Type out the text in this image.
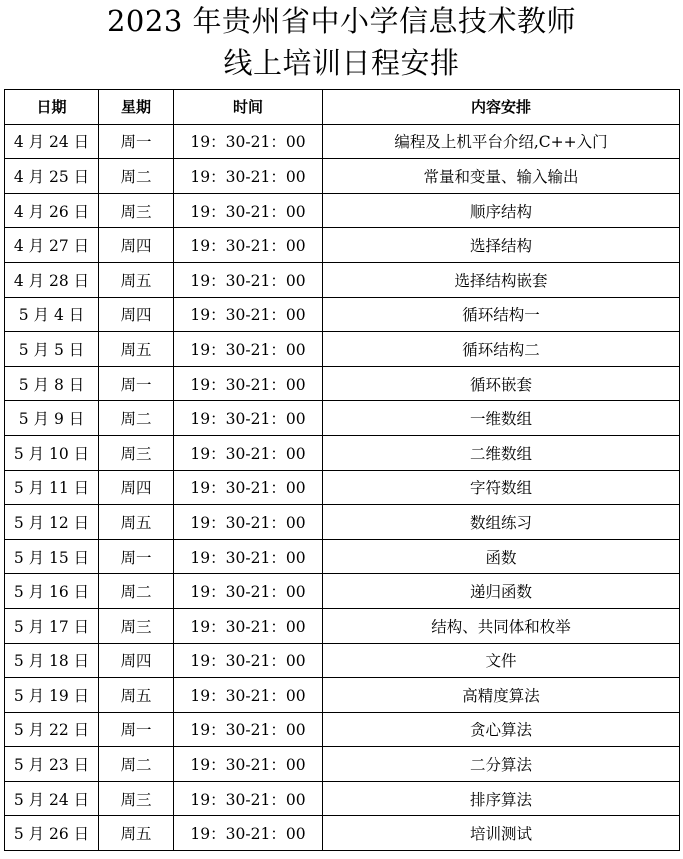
2023 年贵州省中小学信息技术教师
线上培训日程安排
日期	星期	时间	内容安排
4 月 24 日	周一	19：30-21：00	编程及上机平台介绍,C++入门
4 月 25 日	周二	19：30-21：00	常量和变量、输入输出
4 月 26 日	周三	19：30-21：00	顺序结构
4 月 27 日	周四	19：30-21：00	选择结构
4 月 28 日	周五	19：30-21：00	选择结构嵌套
5 月 4 日	周四	19：30-21：00	循环结构一
5 月 5 日	周五	19：30-21：00	循环结构二
5 月 8 日	周一	19：30-21：00	循环嵌套
5 月 9 日	周二	19：30-21：00	一维数组
5 月 10 日	周三	19：30-21：00	二维数组
5 月 11 日	周四	19：30-21：00	字符数组
5 月 12 日	周五	19：30-21：00	数组练习
5 月 15 日	周一	19：30-21：00	函数
5 月 16 日	周二	19：30-21：00	递归函数
5 月 17 日	周三	19：30-21：00	结构、共同体和枚举
5 月 18 日	周四	19：30-21：00	文件
5 月 19 日	周五	19：30-21：00	高精度算法
5 月 22 日	周一	19：30-21：00	贪心算法
5 月 23 日	周二	19：30-21：00	二分算法
5 月 24 日	周三	19：30-21：00	排序算法
5 月 26 日	周五	19：30-21：00	培训测试
